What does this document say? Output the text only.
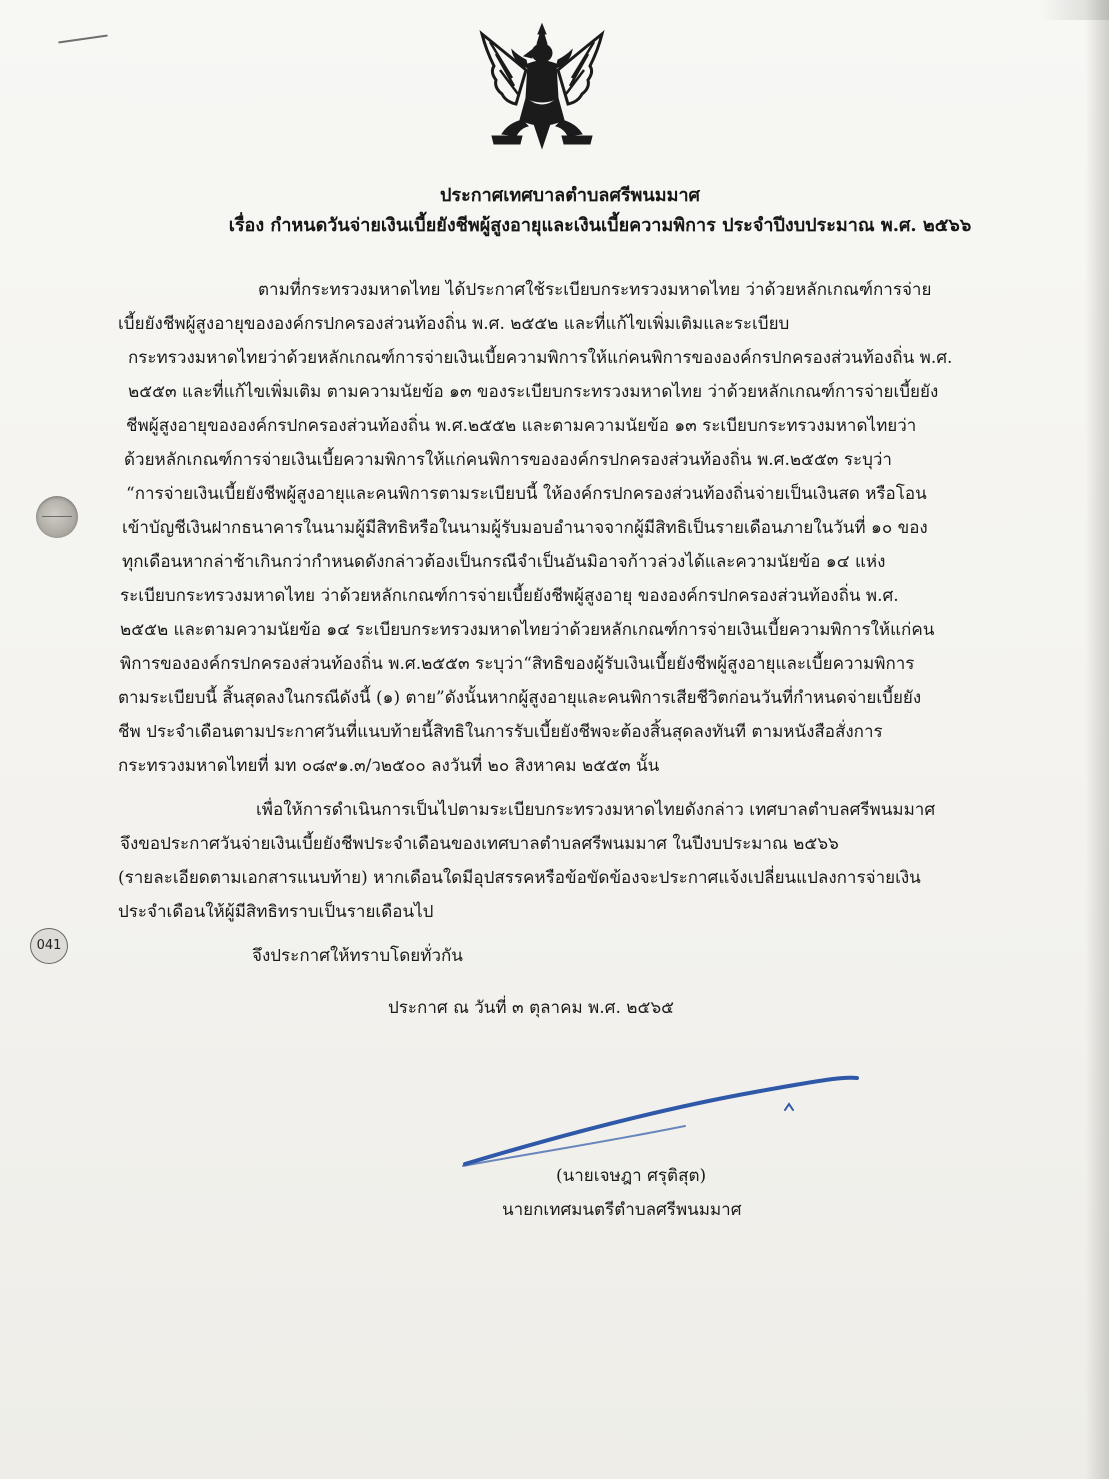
041
ประกาศเทศบาลตำบลศรีพนมมาศ
เรื่อง กำหนดวันจ่ายเงินเบี้ยยังชีพผู้สูงอายุและเงินเบี้ยความพิการ ประจำปีงบประมาณ พ.ศ. ๒๕๖๖
ตามที่กระทรวงมหาดไทย ได้ประกาศใช้ระเบียบกระทรวงมหาดไทย ว่าด้วยหลักเกณฑ์การจ่าย
เบี้ยยังชีพผู้สูงอายุขององค์กรปกครองส่วนท้องถิ่น พ.ศ. ๒๕๕๒ และที่แก้ไขเพิ่มเติมและระเบียบ
กระทรวงมหาดไทยว่าด้วยหลักเกณฑ์การจ่ายเงินเบี้ยความพิการให้แก่คนพิการขององค์กรปกครองส่วนท้องถิ่น พ.ศ.
๒๕๕๓ และที่แก้ไขเพิ่มเติม ตามความนัยข้อ ๑๓ ของระเบียบกระทรวงมหาดไทย ว่าด้วยหลักเกณฑ์การจ่ายเบี้ยยัง
ชีพผู้สูงอายุขององค์กรปกครองส่วนท้องถิ่น พ.ศ.๒๕๕๒ และตามความนัยข้อ ๑๓ ระเบียบกระทรวงมหาดไทยว่า
ด้วยหลักเกณฑ์การจ่ายเงินเบี้ยความพิการให้แก่คนพิการขององค์กรปกครองส่วนท้องถิ่น พ.ศ.๒๕๕๓ ระบุว่า
“การจ่ายเงินเบี้ยยังชีพผู้สูงอายุและคนพิการตามระเบียบนี้ ให้องค์กรปกครองส่วนท้องถิ่นจ่ายเป็นเงินสด หรือโอน
เข้าบัญชีเงินฝากธนาคารในนามผู้มีสิทธิหรือในนามผู้รับมอบอำนาจจากผู้มีสิทธิเป็นรายเดือนภายในวันที่ ๑๐ ของ
ทุกเดือนหากล่าช้าเกินกว่ากำหนดดังกล่าวต้องเป็นกรณีจำเป็นอันมิอาจก้าวล่วงได้และความนัยข้อ ๑๔ แห่ง
ระเบียบกระทรวงมหาดไทย ว่าด้วยหลักเกณฑ์การจ่ายเบี้ยยังชีพผู้สูงอายุ ขององค์กรปกครองส่วนท้องถิ่น พ.ศ.
๒๕๕๒ และตามความนัยข้อ ๑๔ ระเบียบกระทรวงมหาดไทยว่าด้วยหลักเกณฑ์การจ่ายเงินเบี้ยความพิการให้แก่คน
พิการขององค์กรปกครองส่วนท้องถิ่น พ.ศ.๒๕๕๓ ระบุว่า“สิทธิของผู้รับเงินเบี้ยยังชีพผู้สูงอายุและเบี้ยความพิการ
ตามระเบียบนี้ สิ้นสุดลงในกรณีดังนี้ (๑) ตาย”ดังนั้นหากผู้สูงอายุและคนพิการเสียชีวิตก่อนวันที่กำหนดจ่ายเบี้ยยัง
ชีพ ประจำเดือนตามประกาศวันที่แนบท้ายนี้สิทธิในการรับเบี้ยยังชีพจะต้องสิ้นสุดลงทันที ตามหนังสือสั่งการ
กระทรวงมหาดไทยที่ มท ๐๘๙๑.๓/ว๒๕๐๐ ลงวันที่ ๒๐ สิงหาคม ๒๕๕๓ นั้น
เพื่อให้การดำเนินการเป็นไปตามระเบียบกระทรวงมหาดไทยดังกล่าว เทศบาลตำบลศรีพนมมาศ
จึงขอประกาศวันจ่ายเงินเบี้ยยังชีพประจำเดือนของเทศบาลตำบลศรีพนมมาศ ในปีงบประมาณ ๒๕๖๖
(รายละเอียดตามเอกสารแนบท้าย) หากเดือนใดมีอุปสรรคหรือข้อขัดข้องจะประกาศแจ้งเปลี่ยนแปลงการจ่ายเงิน
ประจำเดือนให้ผู้มีสิทธิทราบเป็นรายเดือนไป
จึงประกาศให้ทราบโดยทั่วกัน
ประกาศ ณ วันที่ ๓ ตุลาคม พ.ศ. ๒๕๖๕
(นายเจษฎา ศรุติสุต)
นายกเทศมนตรีตำบลศรีพนมมาศ
